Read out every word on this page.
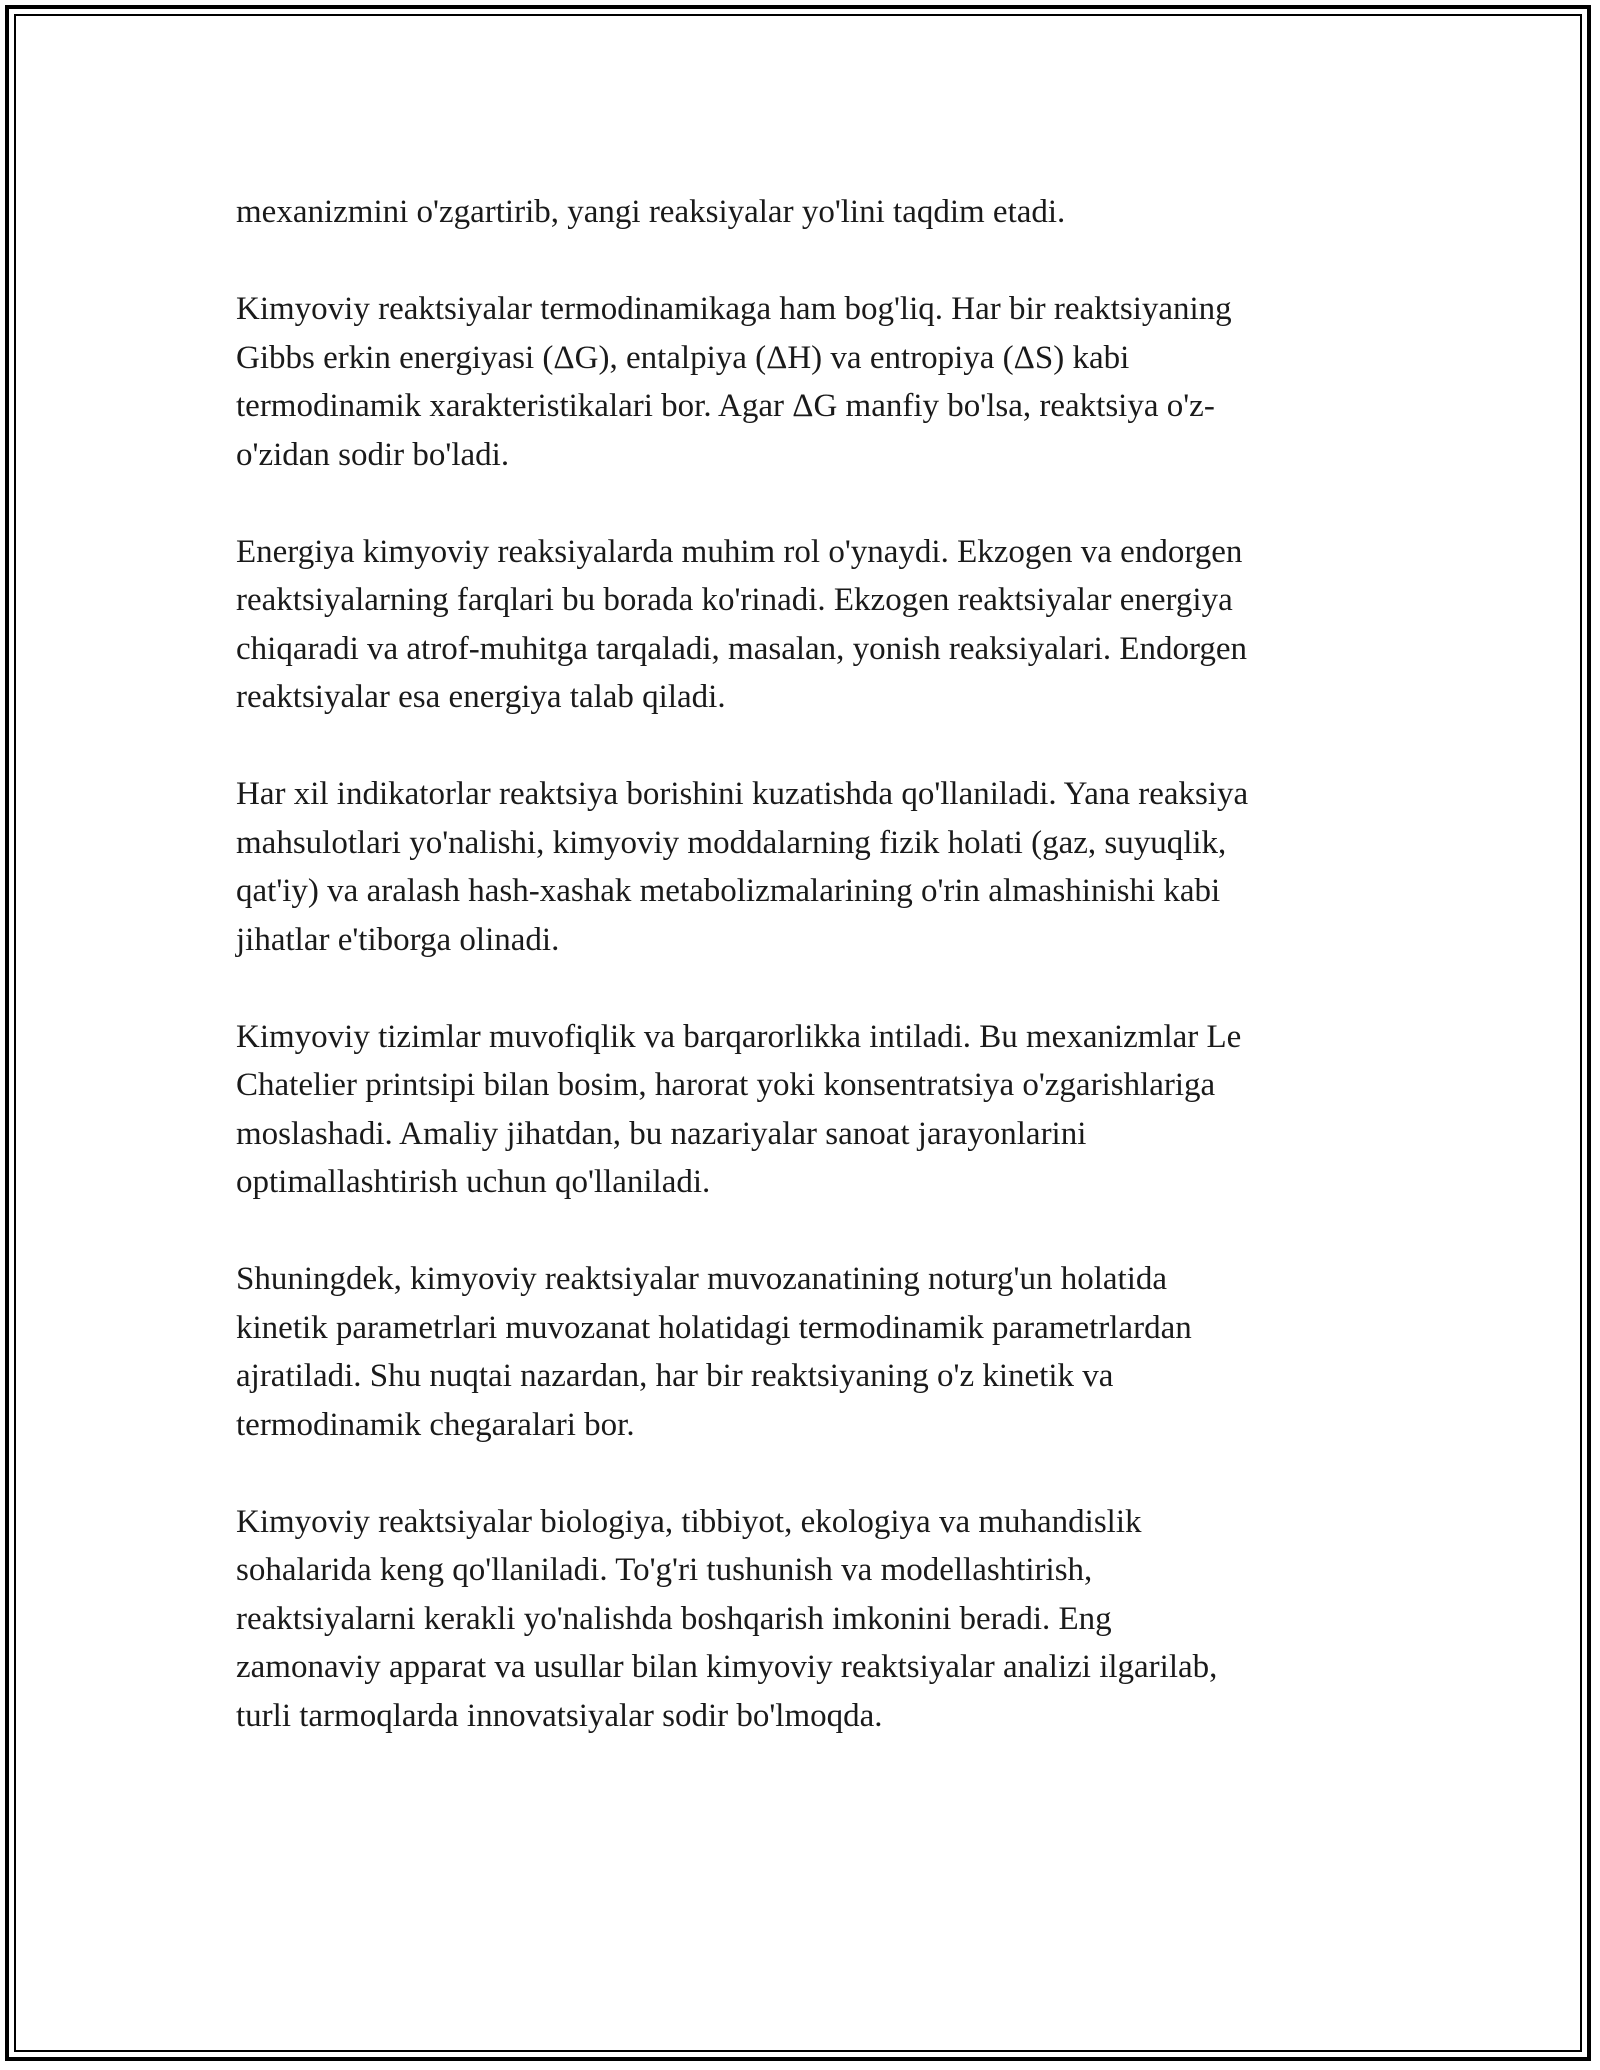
mexanizmini o'zgartirib, yangi reaksiyalar yo'lini taqdim etadi.

Kimyoviy reaktsiyalar termodinamikaga ham bog'liq. Har bir reaktsiyaning
Gibbs erkin energiyasi (ΔG), entalpiya (ΔH) va entropiya (ΔS) kabi
termodinamik xarakteristikalari bor. Agar ΔG manfiy bo'lsa, reaktsiya o'z-
o'zidan sodir bo'ladi.

Energiya kimyoviy reaksiyalarda muhim rol o'ynaydi. Ekzogen va endorgen
reaktsiyalarning farqlari bu borada ko'rinadi. Ekzogen reaktsiyalar energiya
chiqaradi va atrof-muhitga tarqaladi, masalan, yonish reaksiyalari. Endorgen
reaktsiyalar esa energiya talab qiladi.

Har xil indikatorlar reaktsiya borishini kuzatishda qo'llaniladi. Yana reaksiya
mahsulotlari yo'nalishi, kimyoviy moddalarning fizik holati (gaz, suyuqlik,
qat'iy) va aralash hash-xashak metabolizmalarining o'rin almashinishi kabi
jihatlar e'tiborga olinadi.

Kimyoviy tizimlar muvofiqlik va barqarorlikka intiladi. Bu mexanizmlar Le
Chatelier printsipi bilan bosim, harorat yoki konsentratsiya o'zgarishlariga
moslashadi. Amaliy jihatdan, bu nazariyalar sanoat jarayonlarini
optimallashtirish uchun qo'llaniladi.

Shuningdek, kimyoviy reaktsiyalar muvozanatining noturg'un holatida
kinetik parametrlari muvozanat holatidagi termodinamik parametrlardan
ajratiladi. Shu nuqtai nazardan, har bir reaktsiyaning o'z kinetik va
termodinamik chegaralari bor.

Kimyoviy reaktsiyalar biologiya, tibbiyot, ekologiya va muhandislik
sohalarida keng qo'llaniladi. To'g'ri tushunish va modellashtirish,
reaktsiyalarni kerakli yo'nalishda boshqarish imkonini beradi. Eng
zamonaviy apparat va usullar bilan kimyoviy reaktsiyalar analizi ilgarilab,
turli tarmoqlarda innovatsiyalar sodir bo'lmoqda.
